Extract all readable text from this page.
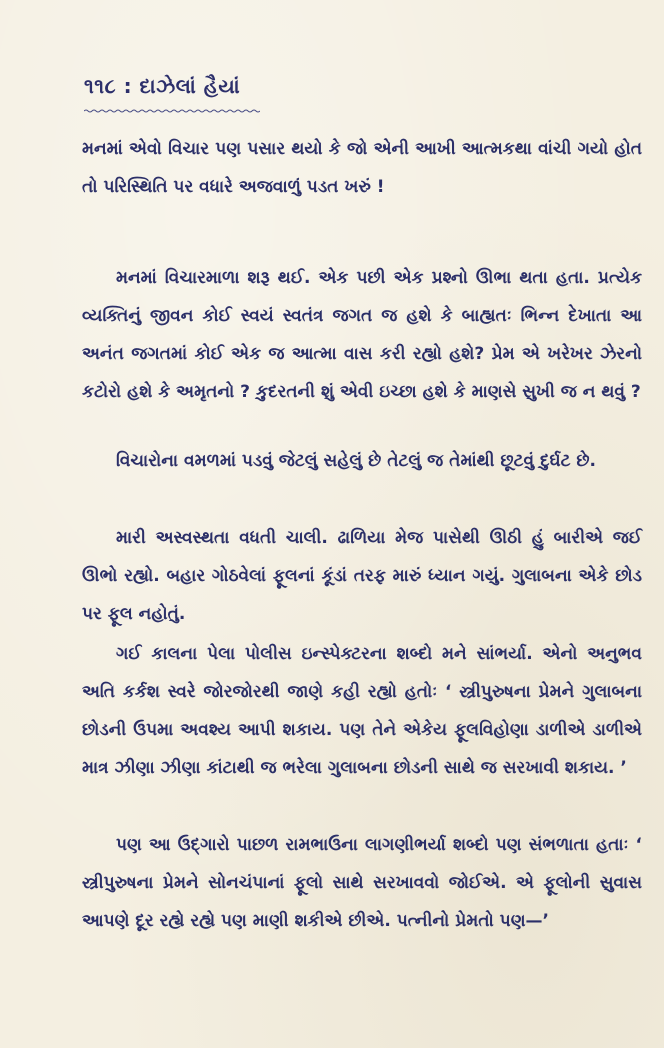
૧૧૮ : દાઝેલાં હૈયાં

મનમાં એવો વિચાર પણ પસાર થયો કે જો એની આખી આત્મકથા વાંચી ગયો હોત તો પરિસ્થિતિ પર વધારે અજવાળું પડત ખરું !

મનમાં વિચારમાળા શરૂ થઈ. એક પછી એક પ્રશ્નો ઊભા થતા હતા. પ્રત્યેક વ્યક્તિનું જીવન કોઈ સ્વયં સ્વતંત્ર જગત જ હશે કે બાહ્યતઃ ભિન્ન દેખાતા આ અનંત જગતમાં કોઈ એક જ આત્મા વાસ કરી રહ્યો હશે? પ્રેમ એ ખરેખર ઝેરનો કટોરો હશે કે અમૃતનો ? કુદરતની શું એવી ઇચ્છા હશે કે માણસે સુખી જ ન થવું ?

વિચારોના વમળમાં પડવું જેટલું સહેલું છે તેટલું જ તેમાંથી છૂટવું દુર્ઘટ છે.

મારી અસ્વસ્થતા વધતી ચાલી. ઢાળિયા મેજ પાસેથી ઊઠી હું બારીએ જઈ ઊભો રહ્યો. બહાર ગોઠવેલાં ફૂલનાં કૂંડાં તરફ મારું ધ્યાન ગયું. ગુલાબના એકે છોડ પર ફૂલ નહોતું.

ગઈ કાલના પેલા પોલીસ ઇન્સ્પેક્ટરના શબ્દો મને સાંભર્યા. એનો અનુભવ અતિ કર્કશ સ્વરે જોરજોરથી જાણે કહી રહ્યો હતોઃ ‘ સ્ત્રીપુરુષના પ્રેમને ગુલાબના છોડની ઉપમા અવશ્ય આપી શકાય. પણ તેને એકેય ફૂલવિહોણા ડાળીએ ડાળીએ માત્ર ઝીણા ઝીણા કાંટાથી જ ભરેલા ગુલાબના છોડની સાથે જ સરખાવી શકાય. ’

પણ આ ઉદ્ગારો પાછળ રામભાઉના લાગણીભર્યા શબ્દો પણ સંભળાતા હતાઃ ‘ સ્ત્રીપુરુષના પ્રેમને સોનચંપાનાં ફૂલો સાથે સરખાવવો જોઈએ. એ ફૂલોની સુવાસ આપણે દૂર રહ્યે રહ્યે પણ માણી શકીએ છીએ. પત્નીનો પ્રેમતો પણ—’
